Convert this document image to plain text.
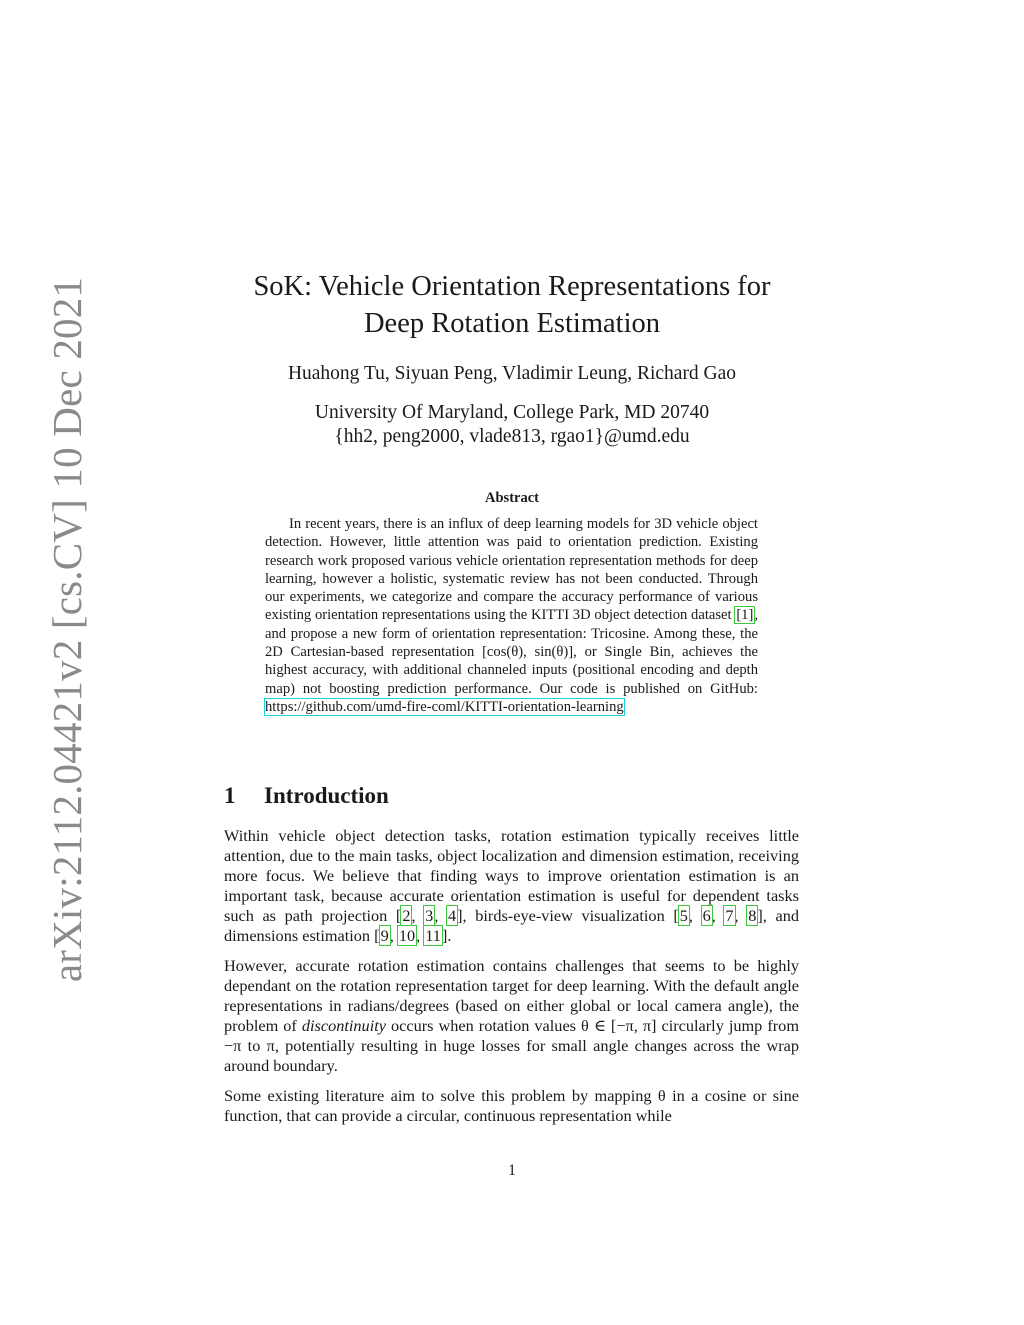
arXiv:2112.04421v2 [cs.CV] 10 Dec 2021	SoK: Vehicle Orientation Representations for
Deep Rotation Estimation
Huahong Tu, Siyuan Peng, Vladimir Leung, Richard Gao
University Of Maryland, College Park, MD 20740
{hh2, peng2000, vlade813, rgao1}@umd.edu
Abstract

In recent years, there is an influx of deep learning models for 3D vehicle object detection. However, little attention was paid to orientation prediction. Existing research work proposed various vehicle orientation representation methods for deep learning, however a holistic, systematic review has not been conducted. Through our experiments, we categorize and compare the accuracy performance of various existing orientation representations using the KITTI 3D object detection dataset [1], and propose a new form of orientation representation: Tricosine. Among these, the 2D Cartesian-based representation [cos(θ), sin(θ)], or Single Bin, achieves the highest accuracy, with additional channeled inputs (positional encoding and depth map) not boosting prediction performance. Our code is published on GitHub: https://github.com/umd-fire-coml/KITTI-orientation-learning

1 Introduction

Within vehicle object detection tasks, rotation estimation typically receives little attention, due to the main tasks, object localization and dimension estimation, receiving more focus. We believe that finding ways to improve orientation estimation is an important task, because accurate orientation estimation is useful for dependent tasks such as path projection [2, 3, 4], birds-eye-view visualization [5, 6, 7, 8], and dimensions estimation [9, 10, 11].

However, accurate rotation estimation contains challenges that seems to be highly dependant on the rotation representation target for deep learning. With the default angle representations in radians/degrees (based on either global or local camera angle), the problem of discontinuity occurs when rotation values θ ∈ [−π, π] circularly jump from −π to π, potentially resulting in huge losses for small angle changes across the wrap around boundary.

Some existing literature aim to solve this problem by mapping θ in a cosine or sine function, that can provide a circular, continuous representation while

1
